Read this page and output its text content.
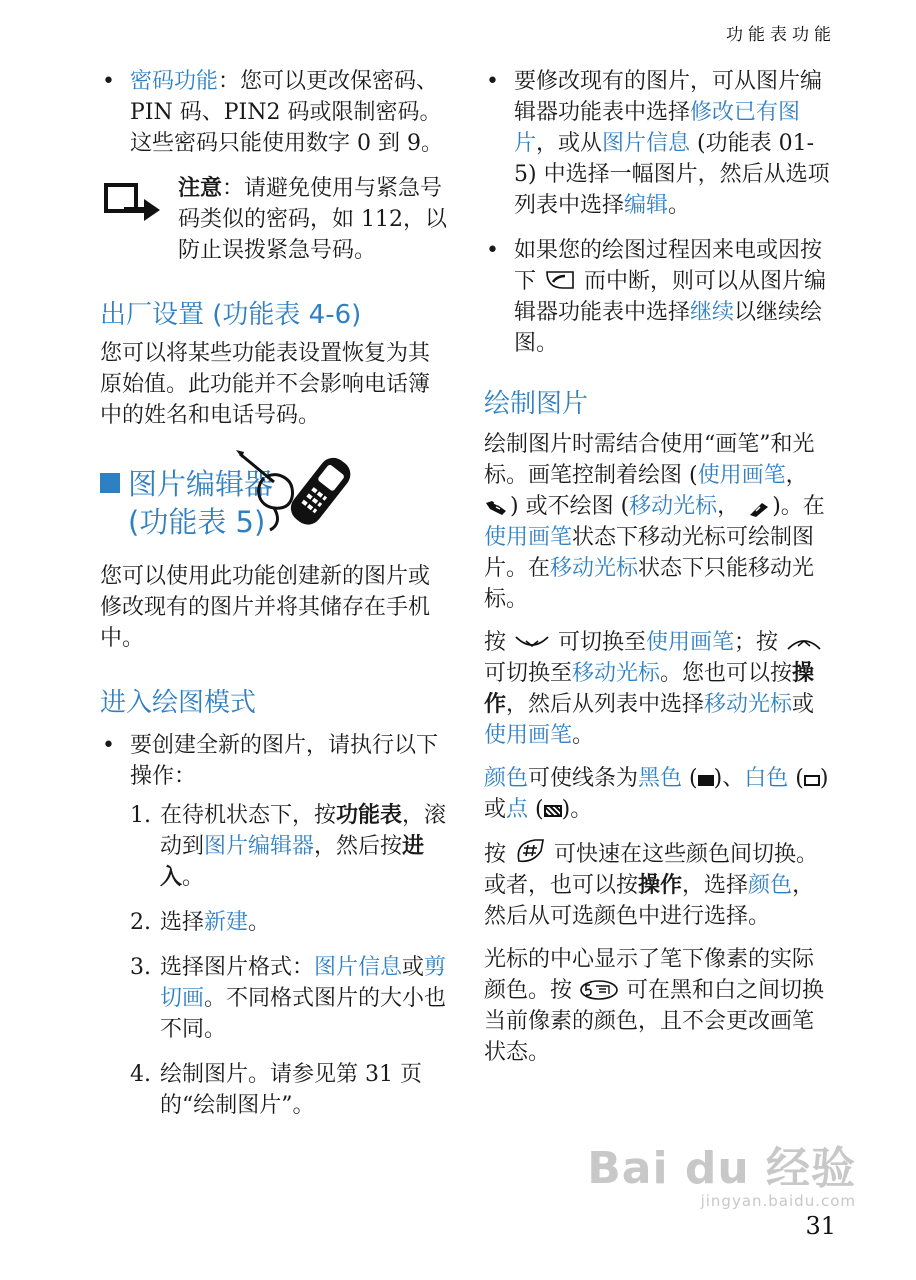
功能表功能
• 密码功能：您可以更改保密码、PIN 码、PIN2 码或限制密码。这些密码只能使用数字 0 到 9。

注意：请避免使用与紧急号码类似的密码，如 112，以防止误拨紧急号码。

出厂设置 (功能表 4-6)

您可以将某些功能表设置恢复为其原始值。此功能并不会影响电话簿中的姓名和电话号码。

图片编辑器
(功能表 5)

您可以使用此功能创建新的图片或修改现有的图片并将其储存在手机中。

进入绘图模式
• 要创建全新的图片，请执行以下操作：
1. 在待机状态下，按功能表，滚动到图片编辑器，然后按进入。
2. 选择新建。
3. 选择图片格式：图片信息或剪切画。不同格式图片的大小也不同。
4. 绘制图片。请参见第 31 页的“绘制图片”。
• 要修改现有的图片，可从图片编辑器功能表中选择修改已有图片，或从图片信息 (功能表 01-5) 中选择一幅图片，然后从选项列表中选择编辑。
• 如果您的绘图过程因来电或因按下 而中断，则可以从图片编辑器功能表中选择继续以继续绘图。
绘制图片

绘制图片时需结合使用“画笔”和光标。画笔控制着绘图 (使用画笔， ) 或不绘图 (移动光标， )。在使用画笔状态下移动光标可绘制图片。在移动光标状态下只能移动光标。

按 可切换至使用画笔；按  可切换至移动光标。您也可以按操作，然后从列表中选择移动光标或使用画笔。

颜色可使线条为黑色 ( )、白色 ( ) 或点 ( )。

按 可快速在这些颜色间切换。或者，也可以按操作，选择颜色，然后从可选颜色中进行选择。

光标的中心显示了笔下像素的实际颜色。按 可在黑和白之间切换当前像素的颜色，且不会更改画笔状态。

Bai du 经验
jingyan.baidu.com
31
